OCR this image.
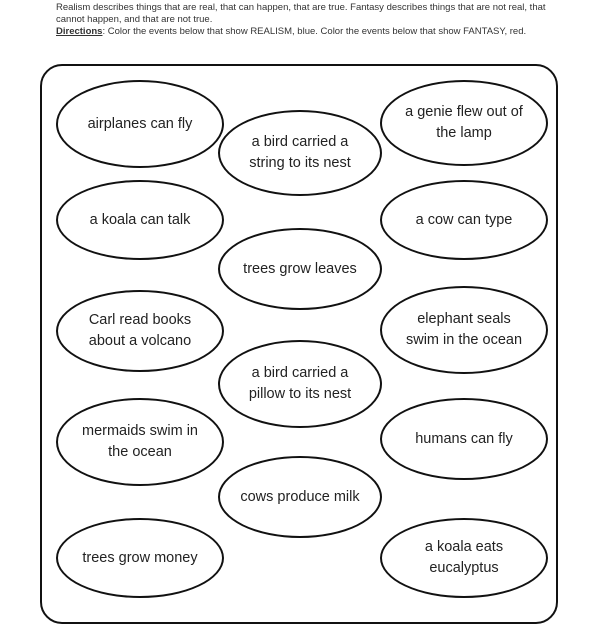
Realism describes things that are real, that can happen, that are true. Fantasy describes things that are not real, that cannot happen, and that are not true.

Directions: Color the events below that show REALISM, blue. Color the events below that show FANTASY, red.

airplanes can fly
a koala can talk
Carl read books about a volcano
mermaids swim in the ocean
trees grow money
a bird carried a string to its nest
trees grow leaves
a bird carried a pillow to its nest
cows produce milk
a genie flew out of the lamp
a cow can type
elephant seals swim in the ocean
humans can fly
a koala eats eucalyptus
